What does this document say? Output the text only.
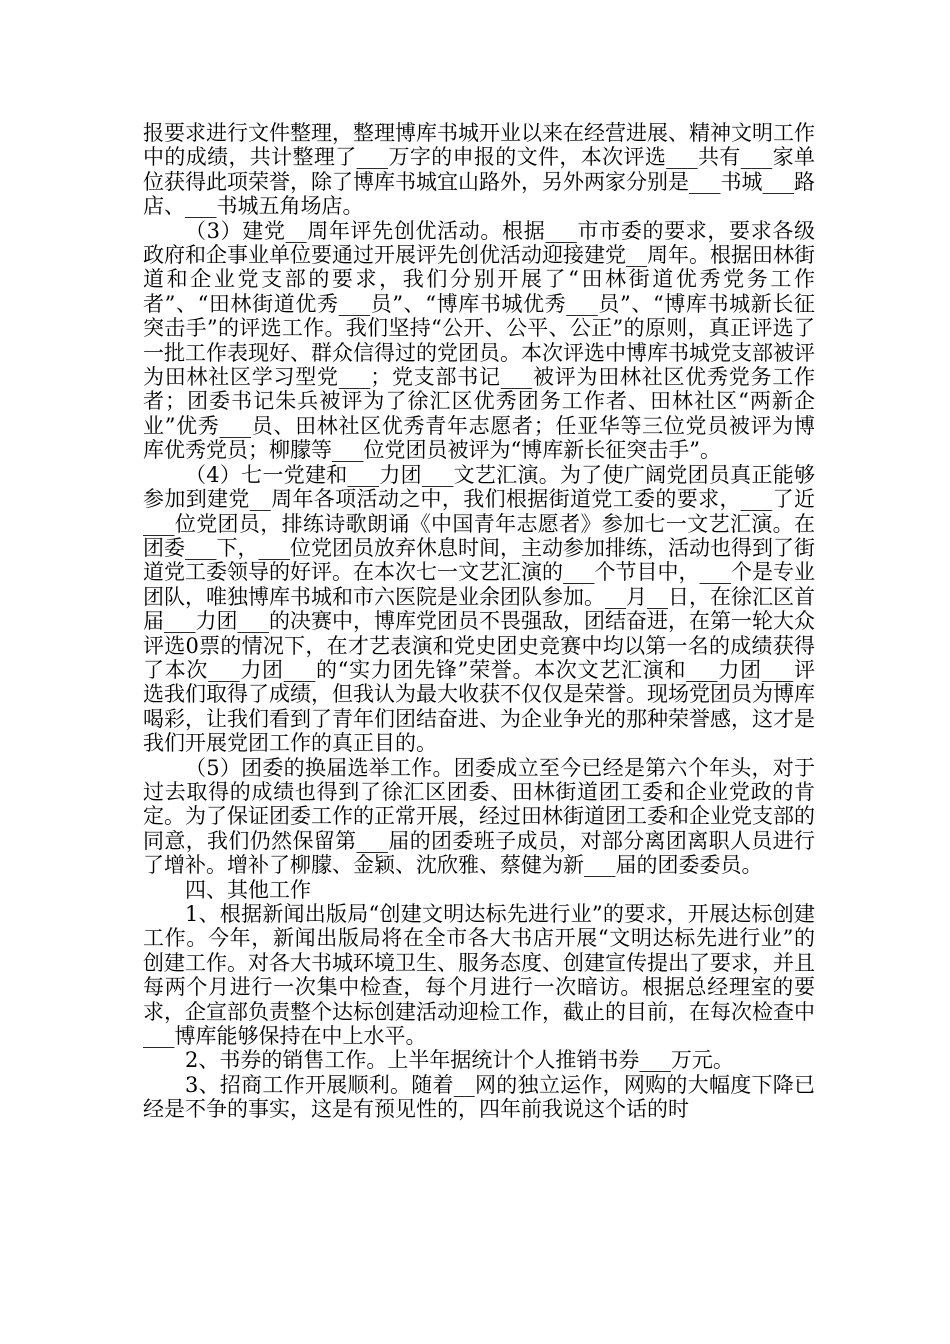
报要求进行文件整理，整理博库书城开业以来在经营进展、精神文明工作中的成绩，共计整理了___万字的申报的文件，本次评选___共有___家单位获得此项荣誉，除了博库书城宜山路外，另外两家分别是___书城___路店、___书城五角场店。

（3）建党__周年评先创优活动。根据___市市委的要求，要求各级政府和企事业单位要通过开展评先创优活动迎接建党__周年。根据田林街道和企业党支部的要求，我们分别开展了“田林街道优秀党务工作者”、“田林街道优秀___员”、“博库书城优秀___员”、“博库书城新长征突击手”的评选工作。我们坚持“公开、公平、公正”的原则，真正评选了一批工作表现好、群众信得过的党团员。本次评选中博库书城党支部被评为田林社区学习型党___；党支部书记___被评为田林社区优秀党务工作者；团委书记朱兵被评为了徐汇区优秀团务工作者、田林社区“两新企业”优秀___员、田林社区优秀青年志愿者；任亚华等三位党员被评为博库优秀党员；柳朦等___位党团员被评为“博库新长征突击手”。

（4）七一党建和___力团___文艺汇演。为了使广阔党团员真正能够参加到建党__周年各项活动之中，我们根据街道党工委的要求，___了近___位党团员，排练诗歌朗诵《中国青年志愿者》参加七一文艺汇演。在团委___下，___位党团员放弃休息时间，主动参加排练，活动也得到了街道党工委领导的好评。在本次七一文艺汇演的___个节目中，___个是专业团队，唯独博库书城和市六医院是业余团队参加。__月__日，在徐汇区首届___力团___的决赛中，博库党团员不畏强敌，团结奋进，在第一轮大众评选0票的情况下，在才艺表演和党史团史竞赛中均以第一名的成绩获得了本次___力团___的“实力团先锋”荣誉。本次文艺汇演和___力团___评选我们取得了成绩，但我认为最大收获不仅仅是荣誉。现场党团员为博库喝彩，让我们看到了青年们团结奋进、为企业争光的那种荣誉感，这才是我们开展党团工作的真正目的。

（5）团委的换届选举工作。团委成立至今已经是第六个年头，对于过去取得的成绩也得到了徐汇区团委、田林街道团工委和企业党政的肯定。为了保证团委工作的正常开展，经过田林街道团工委和企业党支部的同意，我们仍然保留第___届的团委班子成员，对部分离团离职人员进行了增补。增补了柳朦、金颖、沈欣雅、蔡健为新___届的团委委员。

四、其他工作

1、根据新闻出版局“创建文明达标先进行业”的要求，开展达标创建工作。今年，新闻出版局将在全市各大书店开展“文明达标先进行业”的创建工作。对各大书城环境卫生、服务态度、创建宣传提出了要求，并且每两个月进行一次集中检查，每个月进行一次暗访。根据总经理室的要求，企宣部负责整个达标创建活动迎检工作，截止的目前，在每次检查中___博库能够保持在中上水平。

2、书券的销售工作。上半年据统计个人推销书券___万元。

3、招商工作开展顺利。随着__网的独立运作，网购的大幅度下降已经是不争的事实，这是有预见性的，四年前我说这个话的时
